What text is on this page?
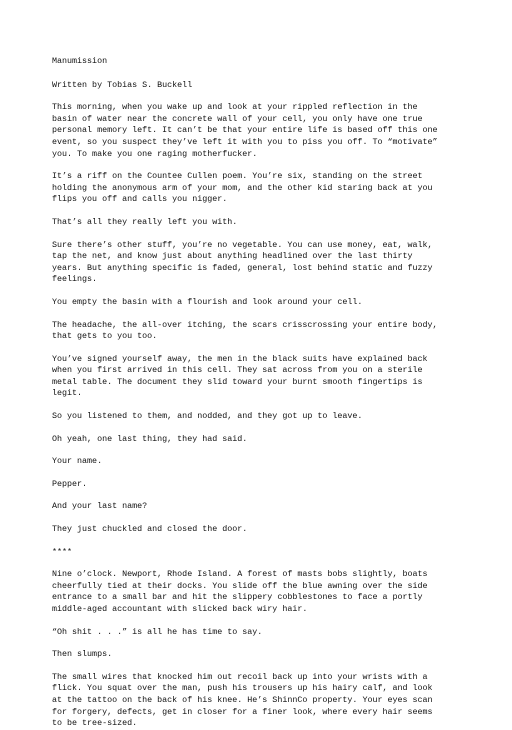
Manumission

Written by Tobias S. Buckell

This morning, when you wake up and look at your rippled reflection in the
basin of water near the concrete wall of your cell, you only have one true
personal memory left. It can’t be that your entire life is based off this one
event, so you suspect they’ve left it with you to piss you off. To “motivate”
you. To make you one raging motherfucker.

It’s a riff on the Countee Cullen poem. You’re six, standing on the street
holding the anonymous arm of your mom, and the other kid staring back at you
flips you off and calls you nigger.

That’s all they really left you with.

Sure there’s other stuff, you’re no vegetable. You can use money, eat, walk,
tap the net, and know just about anything headlined over the last thirty
years. But anything specific is faded, general, lost behind static and fuzzy
feelings.

You empty the basin with a flourish and look around your cell.

The headache, the all-over itching, the scars crisscrossing your entire body,
that gets to you too.

You’ve signed yourself away, the men in the black suits have explained back
when you first arrived in this cell. They sat across from you on a sterile
metal table. The document they slid toward your burnt smooth fingertips is
legit.

So you listened to them, and nodded, and they got up to leave.

Oh yeah, one last thing, they had said.

Your name.

Pepper.

And your last name?

They just chuckled and closed the door.

****

Nine o’clock. Newport, Rhode Island. A forest of masts bobs slightly, boats
cheerfully tied at their docks. You slide off the blue awning over the side
entrance to a small bar and hit the slippery cobblestones to face a portly
middle-aged accountant with slicked back wiry hair.

“Oh shit . . .” is all he has time to say.

Then slumps.

The small wires that knocked him out recoil back up into your wrists with a
flick. You squat over the man, push his trousers up his hairy calf, and look
at the tattoo on the back of his knee. He’s ShinnCo property. Your eyes scan
for forgery, defects, get in closer for a finer look, where every hair seems
to be tree-sized.
